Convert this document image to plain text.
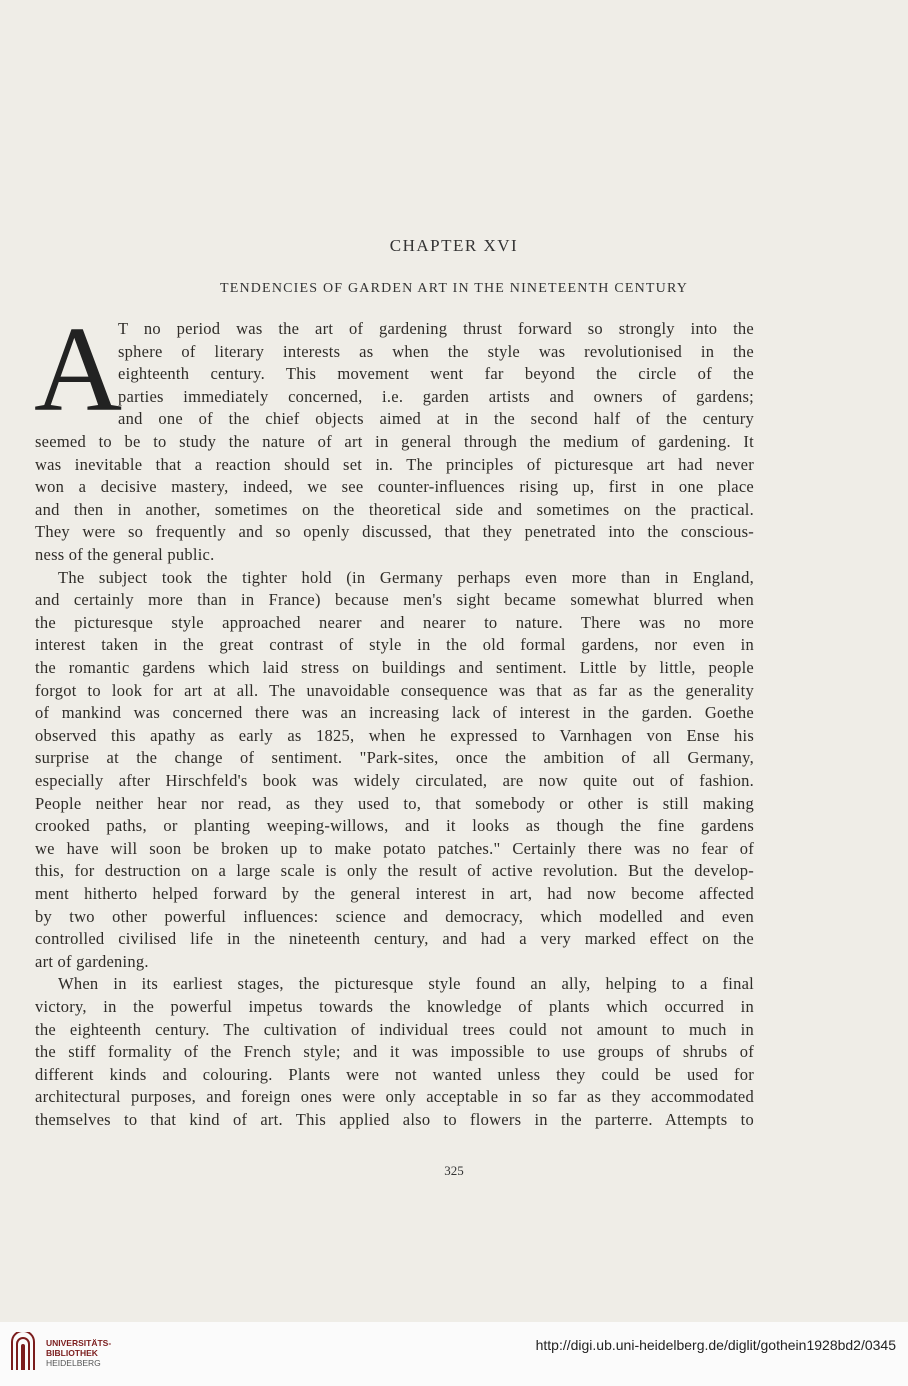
CHAPTER XVI
TENDENCIES OF GARDEN ART IN THE NINETEENTH CENTURY
A
T no period was the art of gardening thrust forward so strongly into the
sphere of literary interests as when the style was revolutionised in the
eighteenth century. This movement went far beyond the circle of the
parties immediately concerned, i.e. garden artists and owners of gardens;
and one of the chief objects aimed at in the second half of the century
seemed to be to study the nature of art in general through the medium of gardening. It
was inevitable that a reaction should set in. The principles of picturesque art had never
won a decisive mastery, indeed, we see counter-influences rising up, first in one place
and then in another, sometimes on the theoretical side and sometimes on the practical.
They were so frequently and so openly discussed, that they penetrated into the conscious-
ness of the general public.
The subject took the tighter hold (in Germany perhaps even more than in England,
and certainly more than in France) because men's sight became somewhat blurred when
the picturesque style approached nearer and nearer to nature. There was no more
interest taken in the great contrast of style in the old formal gardens, nor even in
the romantic gardens which laid stress on buildings and sentiment. Little by little, people
forgot to look for art at all. The unavoidable consequence was that as far as the generality
of mankind was concerned there was an increasing lack of interest in the garden. Goethe
observed this apathy as early as 1825, when he expressed to Varnhagen von Ense his
surprise at the change of sentiment. "Park-sites, once the ambition of all Germany,
especially after Hirschfeld's book was widely circulated, are now quite out of fashion.
People neither hear nor read, as they used to, that somebody or other is still making
crooked paths, or planting weeping-willows, and it looks as though the fine gardens
we have will soon be broken up to make potato patches." Certainly there was no fear of
this, for destruction on a large scale is only the result of active revolution. But the develop-
ment hitherto helped forward by the general interest in art, had now become affected
by two other powerful influences: science and democracy, which modelled and even
controlled civilised life in the nineteenth century, and had a very marked effect on the
art of gardening.
When in its earliest stages, the picturesque style found an ally, helping to a final
victory, in the powerful impetus towards the knowledge of plants which occurred in
the eighteenth century. The cultivation of individual trees could not amount to much in
the stiff formality of the French style; and it was impossible to use groups of shrubs of
different kinds and colouring. Plants were not wanted unless they could be used for
architectural purposes, and foreign ones were only acceptable in so far as they accommodated
themselves to that kind of art. This applied also to flowers in the parterre. Attempts to
325
UNIVERSITÄTS-
BIBLIOTHEK
HEIDELBERG
http://digi.ub.uni-heidelberg.de/diglit/gothein1928bd2/0345
